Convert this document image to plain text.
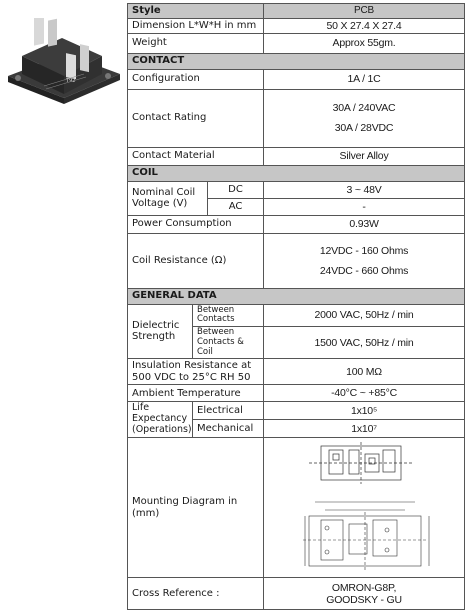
T92
Style			PCB
Dimension L*W*H in mm			50 X 27.4 X 27.4
Weight			Approx 55gm.
CONTACT			
Configuration			1A / 1C
Contact Rating			30A / 240VAC
30A / 28VDC

Contact Material			Silver Alloy
COIL			
Nominal Coil Voltage (V)		DC	3 ~ 48V
		AC	-
Power Consumption			0.93W
Coil Resistance (Ω)			12VDC - 160 Ohms
24VDC - 660 Ohms

GENERAL DATA			
Dielectric Strength	Between Contacts		2000 VAC, 50Hz / min
	Between Contacts & Coil		1500 VAC, 50Hz / min
Insulation Resistance at 500 VDC to 25°C RH 50			100 MΩ
Ambient Temperature			-40°C ~ +85°C
Life Expectancy (Operations)	Electrical		1x10⁵
	Mechanical		1x10⁷
Mounting Diagram in (mm)	
Cross Reference :			OMRON-G8P,
GOODSKY - GU
